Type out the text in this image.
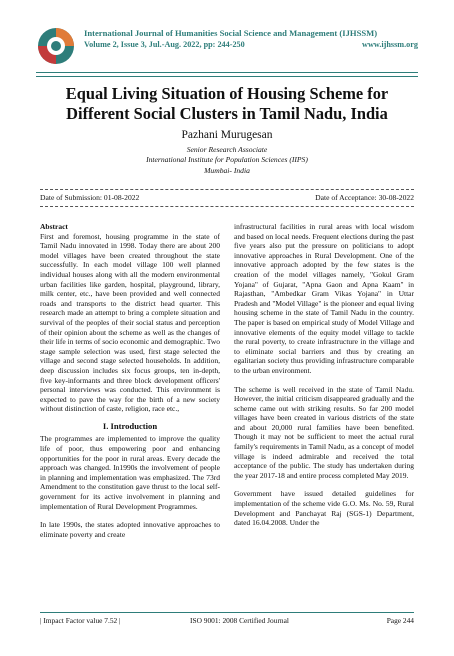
International Journal of Humanities Social Science and Management (IJHSSM)
Volume 2, Issue 3, Jul.-Aug. 2022, pp: 244-250	www.ijhssm.org
Equal Living Situation of Housing Scheme for
Different Social Clusters in Tamil Nadu, India
Pazhani Murugesan
Senior Research Associate
International Institute for Population Sciences (IIPS)
Mumbai- India
Date of Submission: 01-08-2022	Date of Acceptance: 30-08-2022

Abstract
First and foremost, housing programme in the state of Tamil Nadu innovated in 1998. Today there are about 200 model villages have been created throughout the state successfully. In each model village 100 well planned individual houses along with all the modern environmental urban facilities like garden, hospital, playground, library, milk center, etc., have been provided and well connected roads and transports to the district head quarter. This research made an attempt to bring a complete situation and survival of the peoples of their social status and perception of their opinion about the scheme as well as the changes of their life in terms of socio economic and demographic. Two stage sample selection was used, first stage selected the village and second stage selected households. In addition, deep discussion includes six focus groups, ten in-depth, five key-informants and three block development officers' personal interviews was conducted. This environment is expected to pave the way for the birth of a new society without distinction of caste, religion, race etc.,

I. Introduction

The programmes are implemented to improve the quality life of poor, thus empowering poor and enhancing opportunities for the poor in rural areas. Every decade the approach was changed. In1990s the involvement of people in planning and implementation was emphasized. The 73rd Amendment to the constitution gave thrust to the local self-government for its active involvement in planning and implementation of Rural Development Programmes.

In late 1990s, the states adopted innovative approaches to eliminate poverty and create

infrastructural facilities in rural areas with local wisdom and based on local needs. Frequent elections during the past five years also put the pressure on politicians to adopt innovative approaches in Rural Development. One of the innovative approach adopted by the few states is the creation of the model villages namely, "Gokul Gram Yojana" of Gujarat, "Apna Gaon and Apna Kaam" in Rajasthan, "Ambedkar Gram Vikas Yojana" in Uttar Pradesh and "Model Village" is the pioneer and equal living housing scheme in the state of Tamil Nadu in the country. The paper is based on empirical study of Model Village and innovative elements of the equity model village to tackle the rural poverty, to create infrastructure in the village and to eliminate social barriers and thus by creating an egalitarian society thus providing infrastructure comparable to the urban environment.

The scheme is well received in the state of Tamil Nadu. However, the initial criticism disappeared gradually and the scheme came out with striking results. So far 200 model villages have been created in various districts of the state and about 20,000 rural families have been benefited. Though it may not be sufficient to meet the actual rural family's requirements in Tamil Nadu, as a concept of model village is indeed admirable and received the total acceptance of the public. The study has undertaken during the year 2017-18 and entire process completed May 2019.

Government have issued detailed guidelines for implementation of the scheme vide G.O. Ms. No. 59, Rural Development and Panchayat Raj (SGS-1) Department, dated 16.04.2008. Under the

| Impact Factor value 7.52 |	ISO 9001: 2008 Certified Journal	Page 244
